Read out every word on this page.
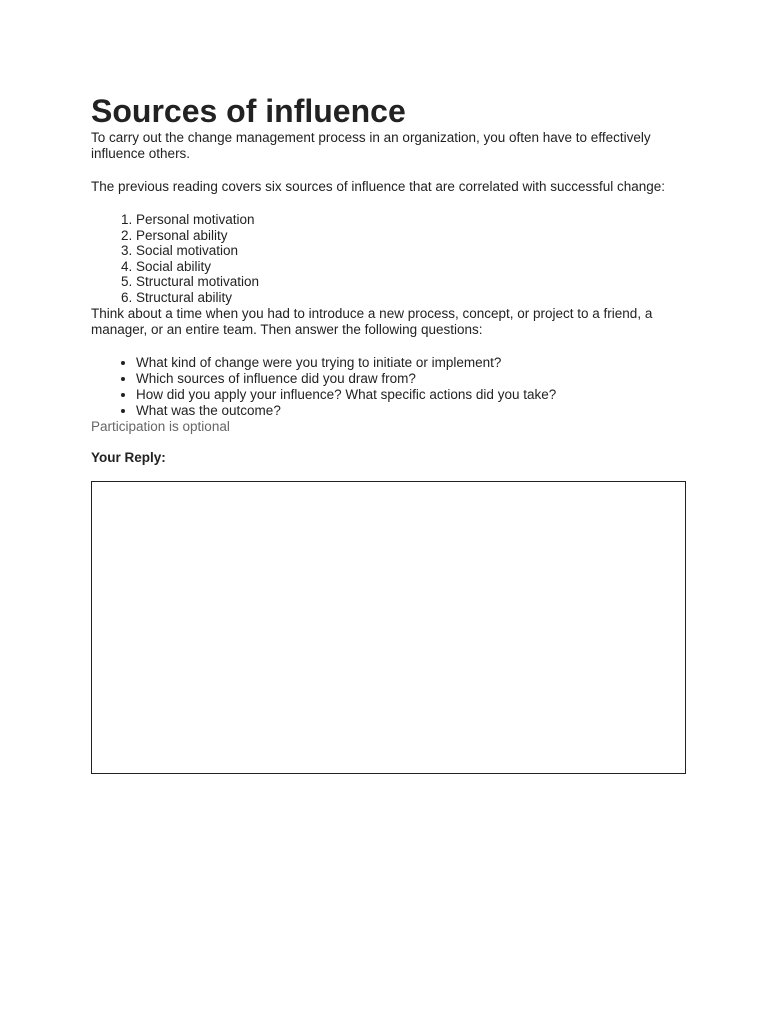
Sources of influence

To carry out the change management process in an organization, you often have to effectively influence others.

The previous reading covers six sources of influence that are correlated with successful change:

1. Personal motivation
2. Personal ability
3. Social motivation
4. Social ability
5. Structural motivation
6. Structural ability

Think about a time when you had to introduce a new process, concept, or project to a friend, a manager, or an entire team. Then answer the following questions:

• What kind of change were you trying to initiate or implement?
• Which sources of influence did you draw from?
• How did you apply your influence? What specific actions did you take?
• What was the outcome?
Participation is optional
Your Reply:
